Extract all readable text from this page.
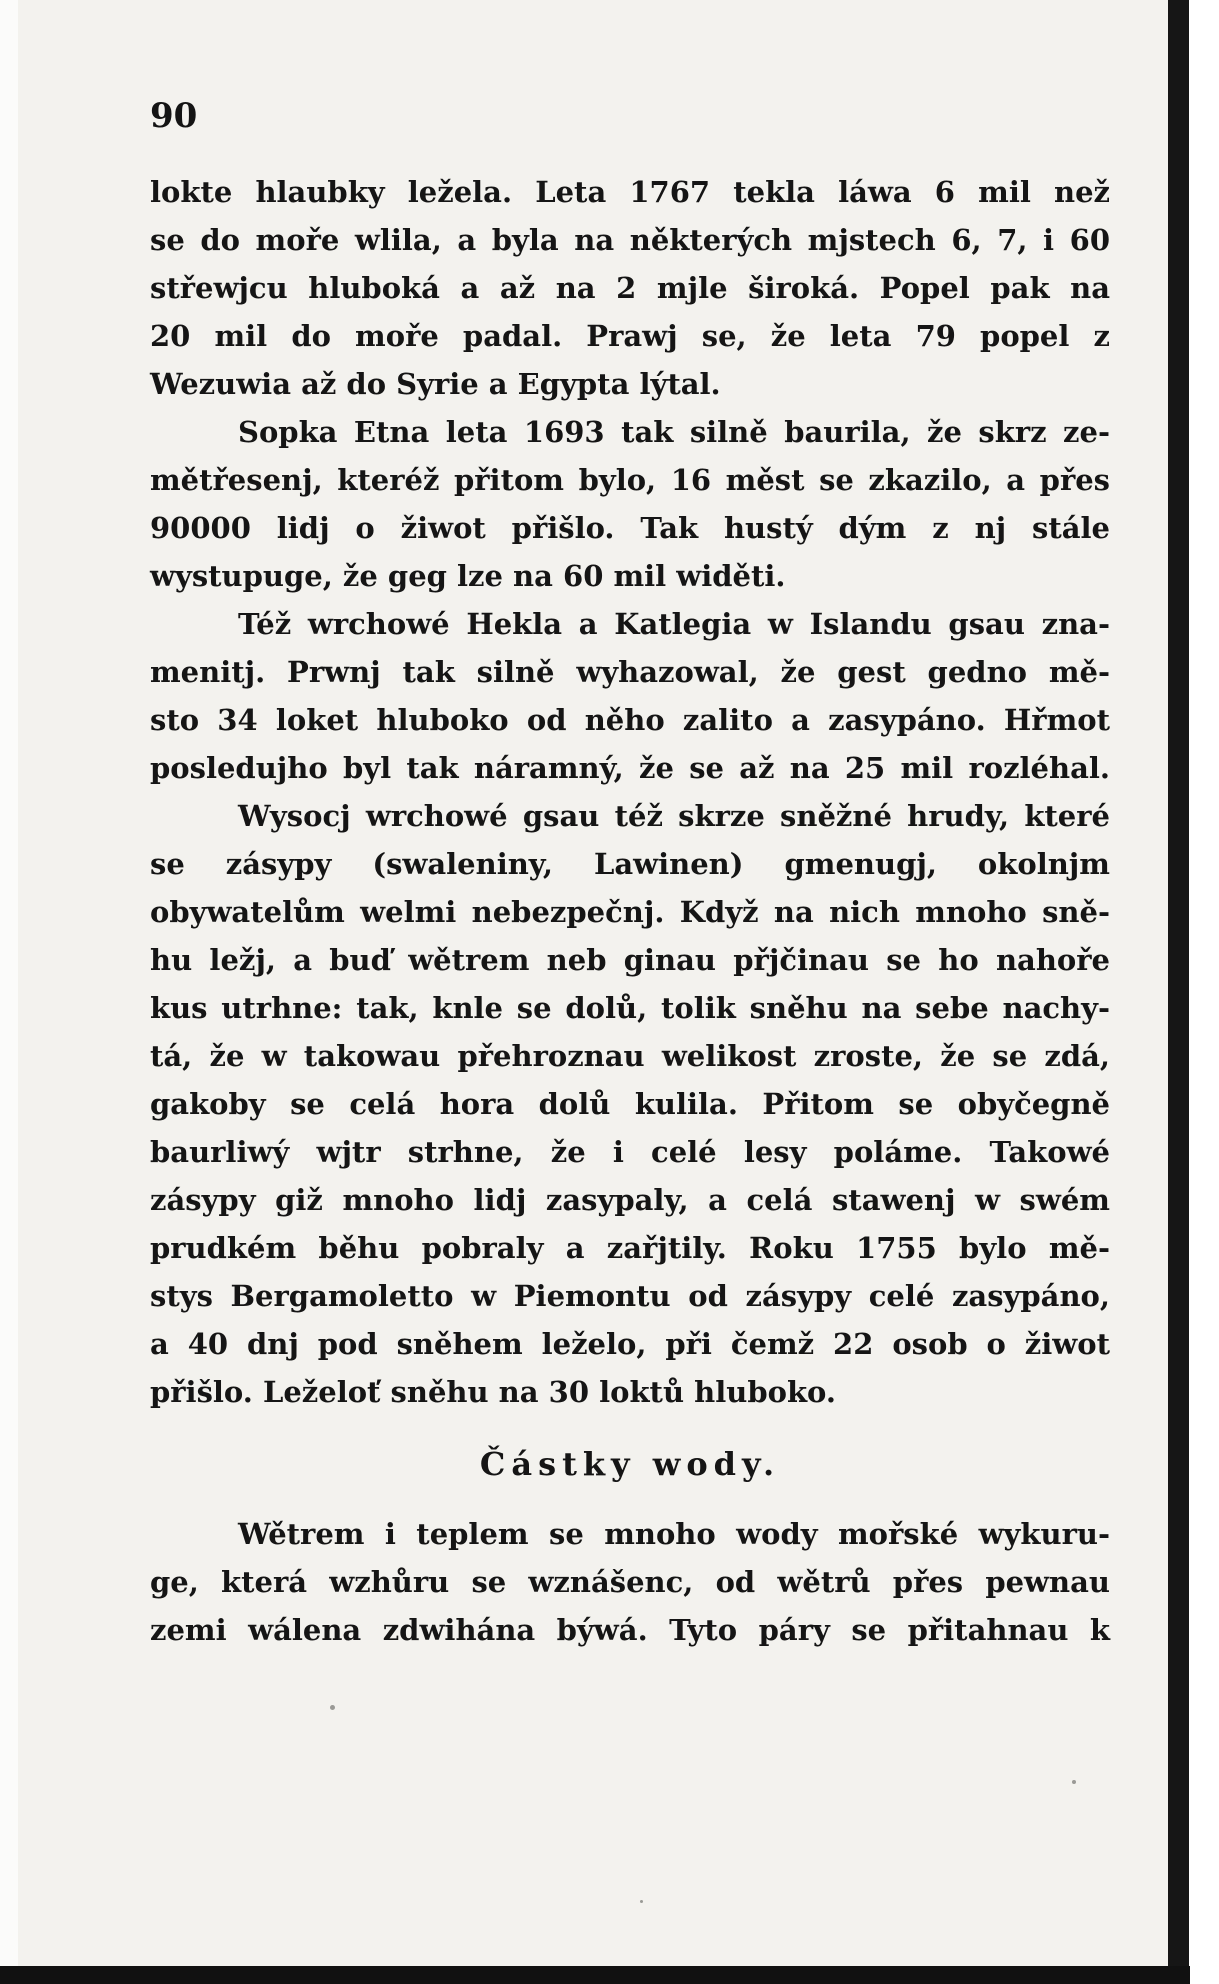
90
lokte hlaubky ležela. Leta 1767 tekla láwa 6 mil než
se do moře wlila, a byla na některých mjstech 6, 7, i 60
střewjcu hluboká a až na 2 mjle široká. Popel pak na
20 mil do moře padal. Prawj se, že leta 79 popel z
Wezuwia až do Syrie a Egypta lýtal.
Sopka Etna leta 1693 tak silně baurila, že skrz ze-
mětřesenj, kteréž přitom bylo, 16 měst se zkazilo, a přes
90000 lidj o žiwot přišlo. Tak hustý dým z nj stále
wystupuge, že geg lze na 60 mil widěti.
Též wrchowé Hekla a Katlegia w Islandu gsau zna-
menitj. Prwnj tak silně wyhazowal, že gest gedno mě-
sto 34 loket hluboko od něho zalito a zasypáno. Hřmot
posledujho byl tak náramný, že se až na 25 mil rozléhal.
Wysocj wrchowé gsau též skrze sněžné hrudy, které
se zásypy (swaleniny, Lawinen) gmenugj, okolnjm
obywatelům welmi nebezpečnj. Když na nich mnoho sně-
hu ležj, a buď wětrem neb ginau přjčinau se ho nahoře
kus utrhne: tak, knle se dolů, tolik sněhu na sebe nachy-
tá, že w takowau přehroznau welikost zroste, že se zdá,
gakoby se celá hora dolů kulila. Přitom se obyčegně
baurliwý wjtr strhne, že i celé lesy poláme. Takowé
zásypy giž mnoho lidj zasypaly, a celá stawenj w swém
prudkém běhu pobraly a zařjtily. Roku 1755 bylo mě-
stys Bergamoletto w Piemontu od zásypy celé zasypáno,
a 40 dnj pod sněhem leželo, při čemž 22 osob o žiwot
přišlo. Leželoť sněhu na 30 loktů hluboko.
Částky wody.
Wětrem i teplem se mnoho wody mořské wykuru-
ge, která wzhůru se wznášenc, od wětrů přes pewnau
zemi wálena zdwihána býwá. Tyto páry se přitahnau k
